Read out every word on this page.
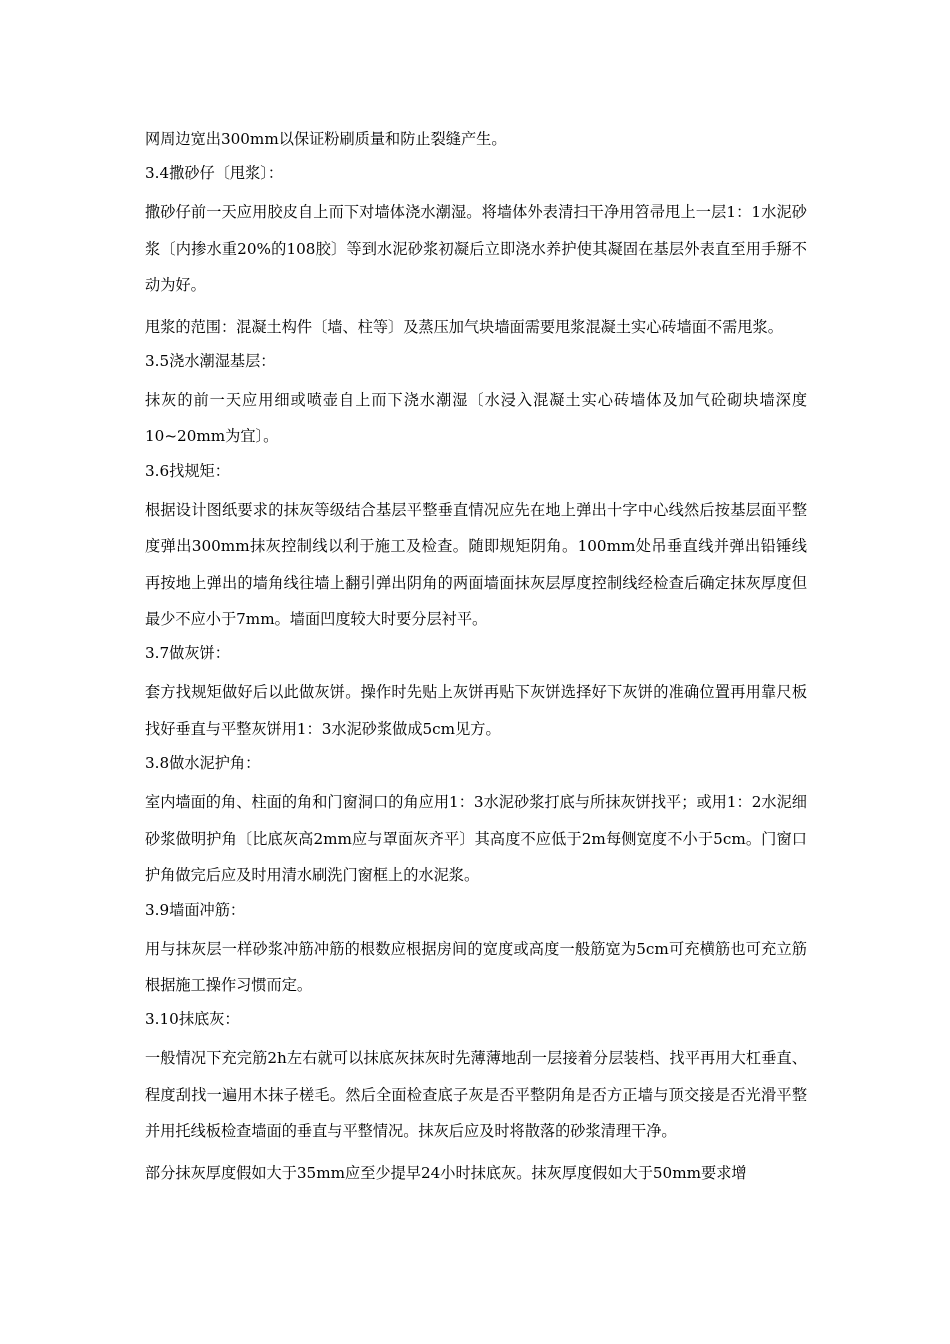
网周边宽出300mm以保证粉刷质量和防止裂缝产生。

3.4撒砂仔〔甩浆〕：

撒砂仔前一天应用胶皮自上而下对墙体浇水潮湿。将墙体外表清扫干净用笤帚甩上一层1：1水泥砂浆〔内掺水重20%的108胶〕等到水泥砂浆初凝后立即浇水养护使其凝固在基层外表直至用手掰不动为好。

甩浆的范围：混凝土构件〔墙、柱等〕及蒸压加气块墙面需要甩浆混凝土实心砖墙面不需甩浆。

3.5浇水潮湿基层：

抹灰的前一天应用细或喷壶自上而下浇水潮湿〔水浸入混凝土实心砖墙体及加气砼砌块墙深度10~20mm为宜〕。

3.6找规矩：

根据设计图纸要求的抹灰等级结合基层平整垂直情况应先在地上弹出十字中心线然后按基层面平整度弹出300mm抹灰控制线以利于施工及检查。随即规矩阴角。100mm处吊垂直线并弹出铅锤线再按地上弹出的墙角线往墙上翻引弹出阴角的两面墙面抹灰层厚度控制线经检查后确定抹灰厚度但最少不应小于7mm。墙面凹度较大时要分层衬平。

3.7做灰饼：

套方找规矩做好后以此做灰饼。操作时先贴上灰饼再贴下灰饼选择好下灰饼的准确位置再用靠尺板找好垂直与平整灰饼用1：3水泥砂浆做成5cm见方。

3.8做水泥护角：

室内墙面的角、柱面的角和门窗洞口的角应用1：3水泥砂浆打底与所抹灰饼找平；或用1：2水泥细砂浆做明护角〔比底灰高2mm应与罩面灰齐平〕其高度不应低于2m每侧宽度不小于5cm。门窗口护角做完后应及时用清水刷洗门窗框上的水泥浆。

3.9墙面冲筋：

用与抹灰层一样砂浆冲筋冲筋的根数应根据房间的宽度或高度一般筋宽为5cm可充横筋也可充立筋根据施工操作习惯而定。

3.10抹底灰：

一般情况下充完筋2h左右就可以抹底灰抹灰时先薄薄地刮一层接着分层装档、找平再用大杠垂直、程度刮找一遍用木抹子槎毛。然后全面检查底子灰是否平整阴角是否方正墙与顶交接是否光滑平整并用托线板检查墙面的垂直与平整情况。抹灰后应及时将散落的砂浆清理干净。

部分抹灰厚度假如大于35mm应至少提早24小时抹底灰。抹灰厚度假如大于50mm要求增
